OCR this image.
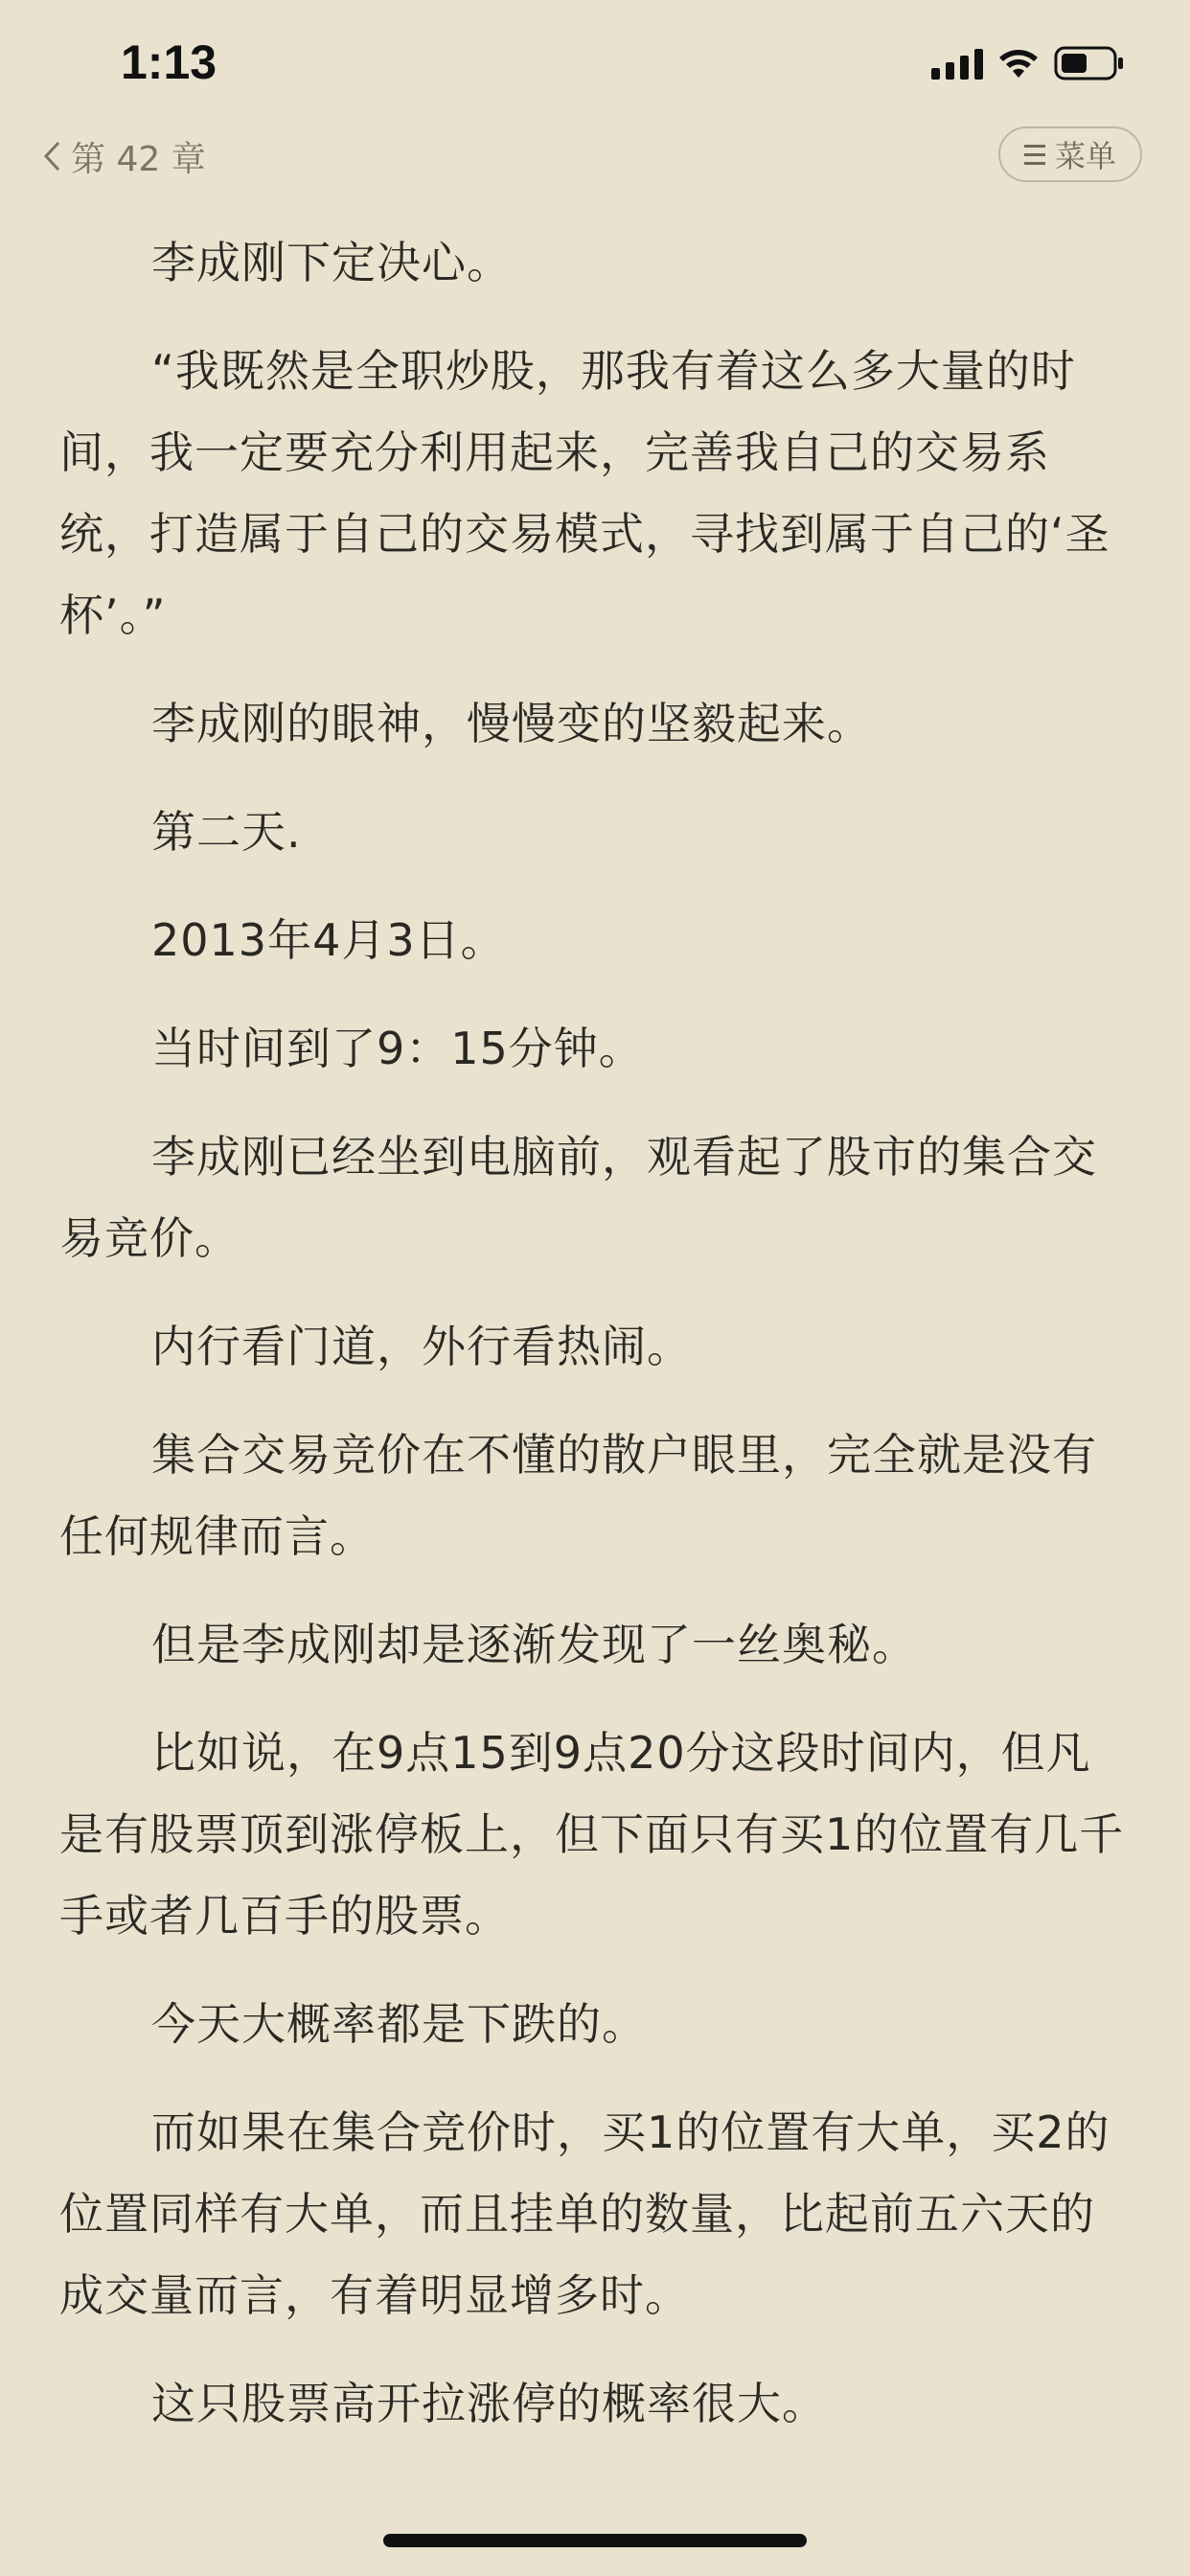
1:13
第 42 章	菜单

李成刚下定决心。

“我既然是全职炒股，那我有着这么多大量的时间，我一定要充分利用起来，完善我自己的交易系统，打造属于自己的交易模式，寻找到属于自己的‘圣杯’。”

李成刚的眼神，慢慢变的坚毅起来。

第二天.

2013年4月3日。

当时间到了9：15分钟。

李成刚已经坐到电脑前，观看起了股市的集合交易竞价。

内行看门道，外行看热闹。

集合交易竞价在不懂的散户眼里，完全就是没有任何规律而言。

但是李成刚却是逐渐发现了一丝奥秘。

比如说，在9点15到9点20分这段时间内，但凡是有股票顶到涨停板上，但下面只有买1的位置有几千手或者几百手的股票。

今天大概率都是下跌的。

而如果在集合竞价时，买1的位置有大单，买2的位置同样有大单，而且挂单的数量，比起前五六天的成交量而言，有着明显增多时。

这只股票高开拉涨停的概率很大。
